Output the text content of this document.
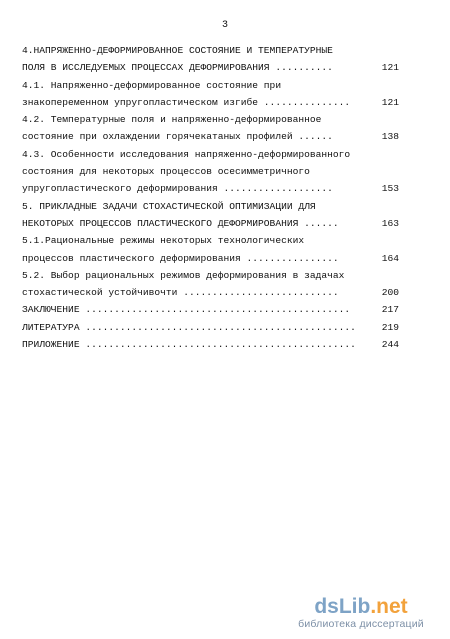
3
4.НАПРЯЖЕННО-ДЕФОРМИРОВАННОЕ СОСТОЯНИЕ И ТЕМПЕРАТУРНЫЕ
ПОЛЯ В ИССЛЕДУЕМЫХ ПРОЦЕССАХ ДЕФОРМИРОВАНИЯ ..........	121
4.1. Напряженно-деформированное состояние при
знакопеременном упругопластическом изгибе ...............	121
4.2. Температурные поля и напряженно-деформированное
состояние при охлаждении горячекатаных профилей ......	138
4.3. Особенности исследования напряженно-деформированного
состояния для некоторых процессов осесимметричного
упругопластического деформирования ...................	153
5. ПРИКЛАДНЫЕ ЗАДАЧИ СТОХАСТИЧЕСКОЙ ОПТИМИЗАЦИИ ДЛЯ
НЕКОТОРЫХ ПРОЦЕССОВ ПЛАСТИЧЕСКОГО ДЕФОРМИРОВАНИЯ ......	163
5.1.Рациональные режимы некоторых технологических
процессов пластического деформирования ................	164
5.2. Выбор рациональных режимов деформирования в задачах
стохастической устойчивочти ...........................	200
ЗАКЛЮЧЕНИЕ ..............................................	217
ЛИТЕРАТУРА ...............................................	219
ПРИЛОЖЕНИЕ ...............................................	244
dsLib.net
библиотека диссертаций
